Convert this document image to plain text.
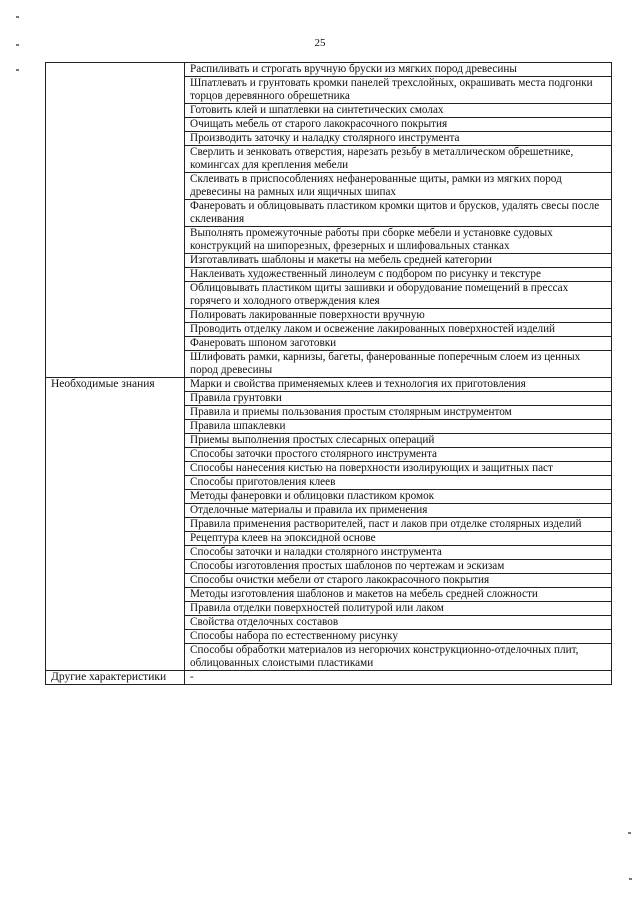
25
	Распиливать и строгать вручную бруски из мягких пород древесины
	Шпатлевать и грунтовать кромки панелей трехслойных, окрашивать места подгонки торцов деревянного обрешетника
	Готовить клей и шпатлевки на синтетических смолах
	Очищать мебель от старого лакокрасочного покрытия
	Производить заточку и наладку столярного инструмента
	Сверлить и зенковать отверстия, нарезать резьбу в металлическом обрешетнике, комингсах для крепления мебели
	Склеивать в приспособлениях нефанерованные щиты, рамки из мягких пород древесины на рамных или ящичных шипах
	Фанеровать и облицовывать пластиком кромки щитов и брусков, удалять свесы после склеивания
	Выполнять промежуточные работы при сборке мебели и установке судовых конструкций на шипорезных, фрезерных и шлифовальных станках
	Изготавливать шаблоны и макеты на мебель средней категории
	Наклеивать художественный линолеум с подбором по рисунку и текстуре
	Облицовывать пластиком щиты зашивки и оборудование помещений в прессах горячего и холодного отверждения клея
	Полировать лакированные поверхности вручную
	Проводить отделку лаком и освежение лакированных поверхностей изделий
	Фанеровать шпоном заготовки
	Шлифовать рамки, карнизы, багеты, фанерованные поперечным слоем из ценных пород древесины
Необходимые знания	Марки и свойства применяемых клеев и технология их приготовления
	Правила грунтовки
	Правила и приемы пользования простым столярным инструментом
	Правила шпаклевки
	Приемы выполнения простых слесарных операций
	Способы заточки простого столярного инструмента
	Способы нанесения кистью на поверхности изолирующих и защитных паст
	Способы приготовления клеев
	Методы фанеровки и облицовки пластиком кромок
	Отделочные материалы и правила их применения
	Правила применения растворителей, паст и лаков при отделке столярных изделий
	Рецептура клеев на эпоксидной основе
	Способы заточки и наладки столярного инструмента
	Способы изготовления простых шаблонов по чертежам и эскизам
	Способы очистки мебели от старого лакокрасочного покрытия
	Методы изготовления шаблонов и макетов на мебель средней сложности
	Правила отделки поверхностей политурой или лаком
	Свойства отделочных составов
	Способы набора по естественному рисунку
	Способы обработки материалов из негорючих конструкционно-отделочных плит, облицованных слоистыми пластиками
Другие характеристики	-
